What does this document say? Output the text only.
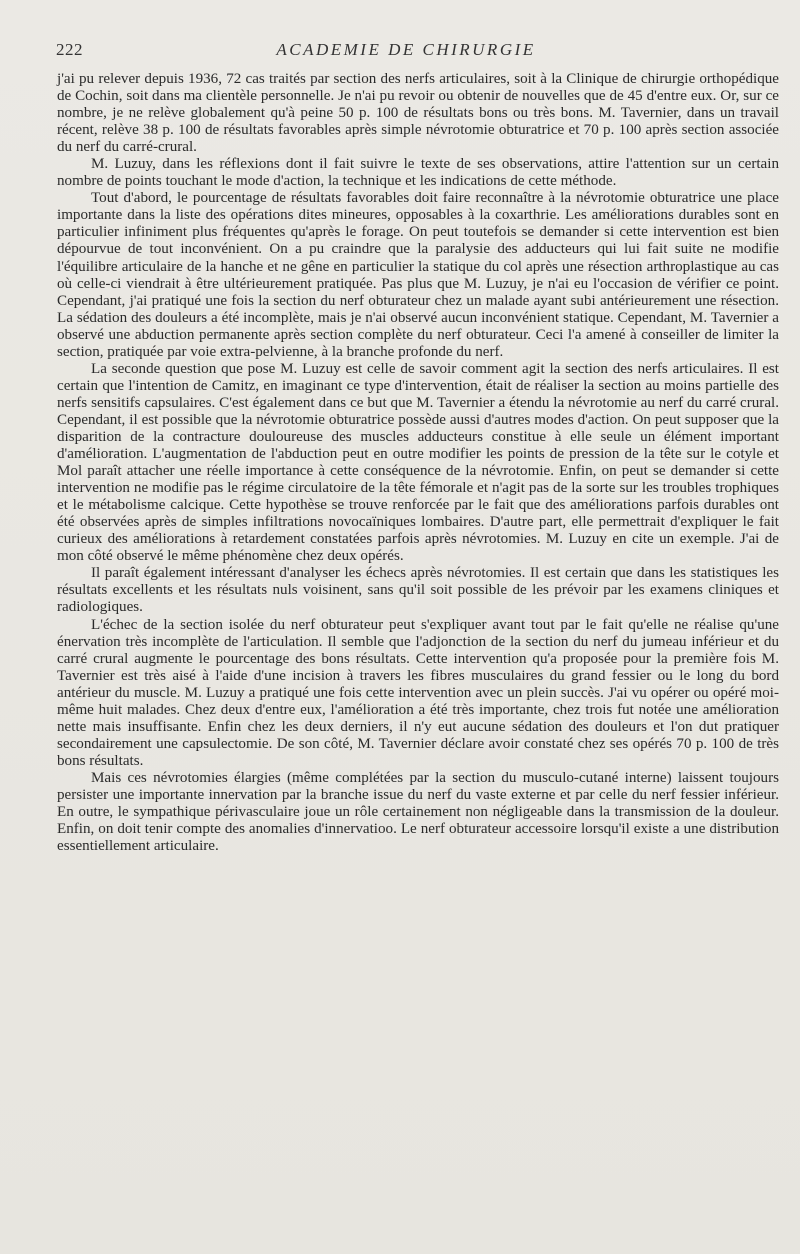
222	ACADEMIE DE CHIRURGIE

j'ai pu relever depuis 1936, 72 cas traités par section des nerfs articulaires, soit à la Clinique de chirurgie orthopédique de Cochin, soit dans ma clientèle personnelle. Je n'ai pu revoir ou obtenir de nouvelles que de 45 d'entre eux. Or, sur ce nombre, je ne relève globalement qu'à peine 50 p. 100 de résultats bons ou très bons. M. Tavernier, dans un travail récent, relève 38 p. 100 de résultats favorables après simple névrotomie obturatrice et 70 p. 100 après section associée du nerf du carré-crural.

M. Luzuy, dans les réflexions dont il fait suivre le texte de ses observations, attire l'attention sur un certain nombre de points touchant le mode d'action, la technique et les indications de cette méthode.

Tout d'abord, le pourcentage de résultats favorables doit faire reconnaître à la névrotomie obturatrice une place importante dans la liste des opérations dites mineures, opposables à la coxarthrie. Les améliorations durables sont en particulier infiniment plus fréquentes qu'après le forage. On peut toutefois se demander si cette intervention est bien dépourvue de tout inconvénient. On a pu craindre que la paralysie des adducteurs qui lui fait suite ne modifie l'équilibre articulaire de la hanche et ne gêne en particulier la statique du col après une résection arthroplastique au cas où celle-ci viendrait à être ultérieurement pratiquée. Pas plus que M. Luzuy, je n'ai eu l'occasion de vérifier ce point. Cependant, j'ai pratiqué une fois la section du nerf obturateur chez un malade ayant subi antérieurement une résection. La sédation des douleurs a été incomplète, mais je n'ai observé aucun inconvénient statique. Cependant, M. Tavernier a observé une abduction permanente après section complète du nerf obturateur. Ceci l'a amené à conseiller de limiter la section, pratiquée par voie extra-pelvienne, à la branche profonde du nerf.

La seconde question que pose M. Luzuy est celle de savoir comment agit la section des nerfs articulaires. Il est certain que l'intention de Camitz, en imaginant ce type d'intervention, était de réaliser la section au moins partielle des nerfs sensitifs capsulaires. C'est également dans ce but que M. Tavernier a étendu la névrotomie au nerf du carré crural. Cependant, il est possible que la névrotomie obturatrice possède aussi d'autres modes d'action. On peut supposer que la disparition de la contracture douloureuse des muscles adducteurs constitue à elle seule un élément important d'amélioration. L'augmentation de l'abduction peut en outre modifier les points de pression de la tête sur le cotyle et Mol paraît attacher une réelle importance à cette conséquence de la névrotomie. Enfin, on peut se demander si cette intervention ne modifie pas le régime circulatoire de la tête fémorale et n'agit pas de la sorte sur les troubles trophiques et le métabolisme calcique. Cette hypothèse se trouve renforcée par le fait que des améliorations parfois durables ont été observées après de simples infiltrations novocaïniques lombaires. D'autre part, elle permettrait d'expliquer le fait curieux des améliorations à retardement constatées parfois après névrotomies. M. Luzuy en cite un exemple. J'ai de mon côté observé le même phénomène chez deux opérés.

Il paraît également intéressant d'analyser les échecs après névrotomies. Il est certain que dans les statistiques les résultats excellents et les résultats nuls voisinent, sans qu'il soit possible de les prévoir par les examens cliniques et radiologiques.

L'échec de la section isolée du nerf obturateur peut s'expliquer avant tout par le fait qu'elle ne réalise qu'une énervation très incomplète de l'articulation. Il semble que l'adjonction de la section du nerf du jumeau inférieur et du carré crural augmente le pourcentage des bons résultats. Cette intervention qu'a proposée pour la première fois M. Tavernier est très aisé à l'aide d'une incision à travers les fibres musculaires du grand fessier ou le long du bord antérieur du muscle. M. Luzuy a pratiqué une fois cette intervention avec un plein succès. J'ai vu opérer ou opéré moi-même huit malades. Chez deux d'entre eux, l'amélioration a été très importante, chez trois fut notée une amélioration nette mais insuffisante. Enfin chez les deux derniers, il n'y eut aucune sédation des douleurs et l'on dut pratiquer secondairement une capsulectomie. De son côté, M. Tavernier déclare avoir constaté chez ses opérés 70 p. 100 de très bons résultats.

Mais ces névrotomies élargies (même complétées par la section du musculo-cutané interne) laissent toujours persister une importante innervation par la branche issue du nerf du vaste externe et par celle du nerf fessier inférieur. En outre, le sympathique périvasculaire joue un rôle certainement non négligeable dans la transmission de la douleur. Enfin, on doit tenir compte des anomalies d'innervatioo. Le nerf obturateur accessoire lorsqu'il existe a une distribution essentiellement articulaire.
